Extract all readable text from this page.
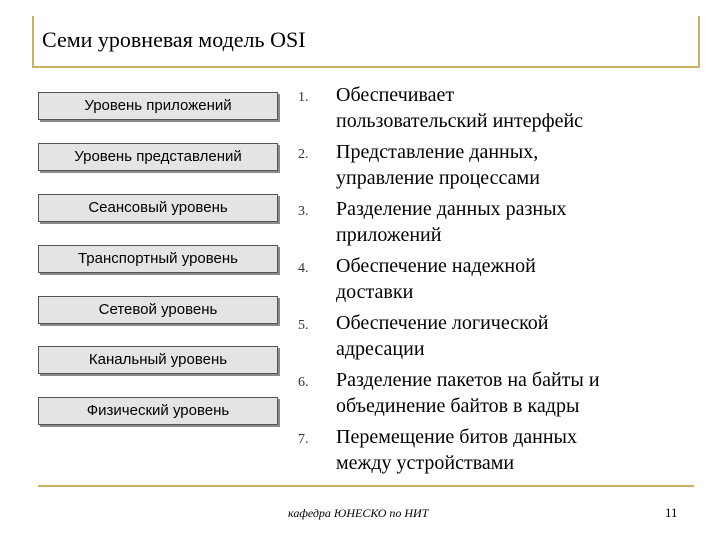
Семи уровневая модель OSI
Уровень приложений
Уровень представлений
Сеансовый уровень
Транспортный уровень
Сетевой уровень
Канальный уровень
Физический уровень
1.
2.
3.
4.
5.
6.
7.
Обеспечивает
пользовательский интерфейс
Представление данных,
управление процессами
Разделение данных разных
приложений
Обеспечение надежной
доставки
Обеспечение логической
адресации
Разделение пакетов на байты и
объединение байтов в кадры
Перемещение битов данных
между устройствами
кафедра ЮНЕСКО по НИТ	11
